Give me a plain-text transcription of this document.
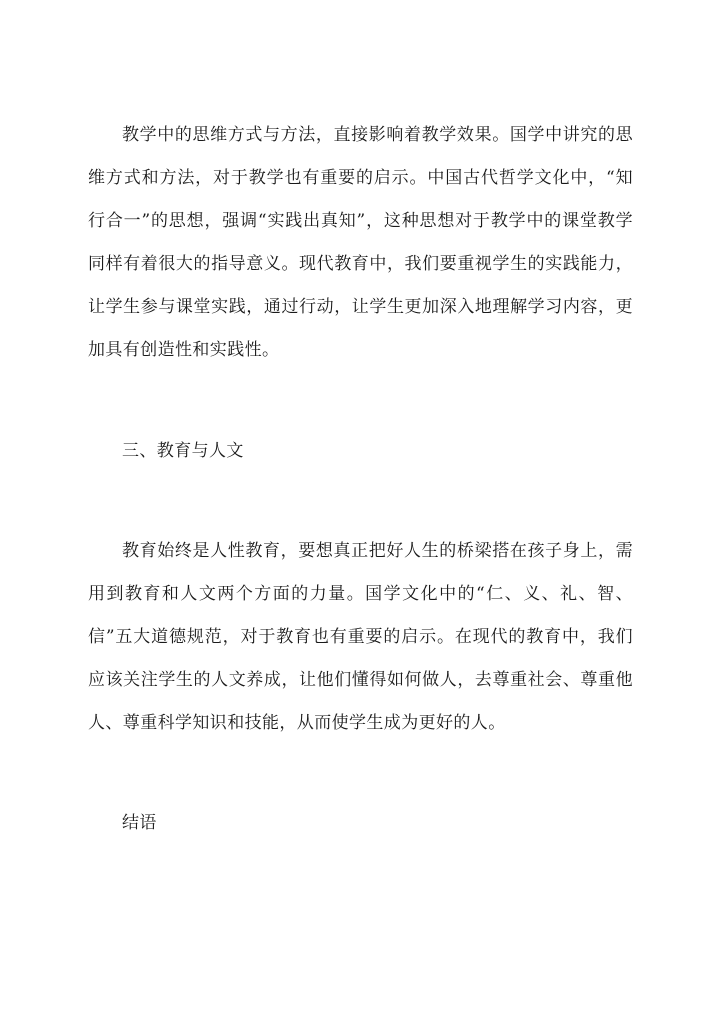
教学中的思维方式与方法，直接影响着教学效果。国学中讲究的思维方式和方法，对于教学也有重要的启示。中国古代哲学文化中，“知行合一”的思想，强调“实践出真知”，这种思想对于教学中的课堂教学同样有着很大的指导意义。现代教育中，我们要重视学生的实践能力，让学生参与课堂实践，通过行动，让学生更加深入地理解学习内容，更加具有创造性和实践性。

三、教育与人文

教育始终是人性教育，要想真正把好人生的桥梁搭在孩子身上，需用到教育和人文两个方面的力量。国学文化中的“仁、义、礼、智、信”五大道德规范，对于教育也有重要的启示。在现代的教育中，我们应该关注学生的人文养成，让他们懂得如何做人，去尊重社会、尊重他人、尊重科学知识和技能，从而使学生成为更好的人。

结语
